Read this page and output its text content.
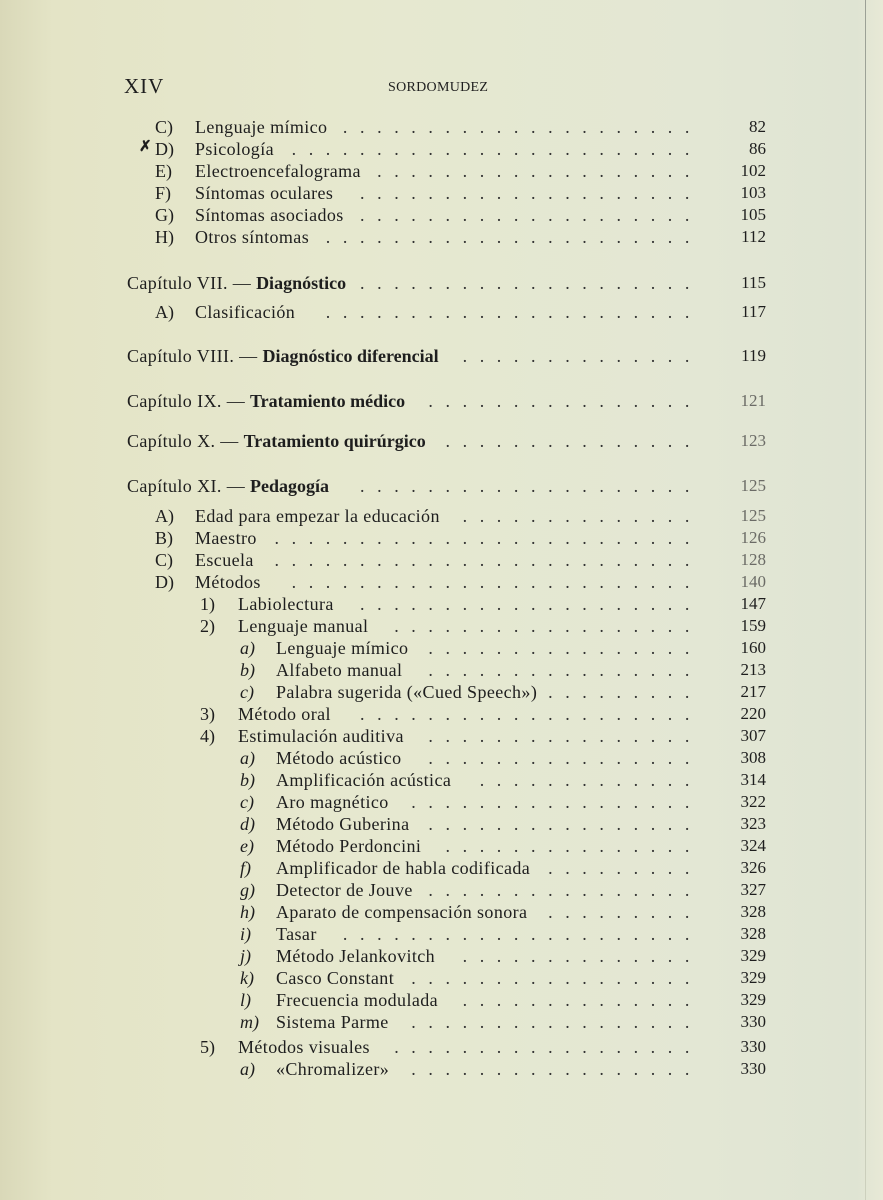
XIV	SORDOMUDEZ
✗
C) Lenguaje mímico .....................	82
D) Psicología ........................	86
E) Electroencefalograma ...................	102
F) Síntomas oculares ....................	103
G) Síntomas asociados ....................	105
H) Otros síntomas ......................	112
Capítulo VII. — Diagnóstico ....................	115
A) Clasificación ......................	117
Capítulo VIII. — Diagnóstico diferencial ..............	119
Capítulo IX. — Tratamiento médico ................	121
Capítulo X. — Tratamiento quirúrgico ...............	123
Capítulo XI. — Pedagogía ....................	125
A) Edad para empezar la educación ..............	125
B) Maestro .........................	126
C) Escuela .........................	128
D) Métodos ........................	140
1) Labiolectura ....................	147
2) Lenguaje manual ..................	159
a) Lenguaje mímico ................	160
b) Alfabeto manual ................	213
c) Palabra sugerida («Cued Speech») .........	217
3) Método oral ....................	220
4) Estimulación auditiva ................	307
a) Método acústico ................	308
b) Amplificación acústica .............	314
c) Aro magnético .................	322
d) Método Guberina ................	323
e) Método Perdoncini ...............	324
f) Amplificador de habla codificada .........	326
g) Detector de Jouve ................	327
h) Aparato de compensación sonora .........	328
i) Tasar .....................	328
j) Método Jelankovitch ..............	329
k) Casco Constant .................	329
l) Frecuencia modulada ..............	329
m) Sistema Parme .................	330
5) Métodos visuales ..................	330
a) «Chromalizer» .................	330
